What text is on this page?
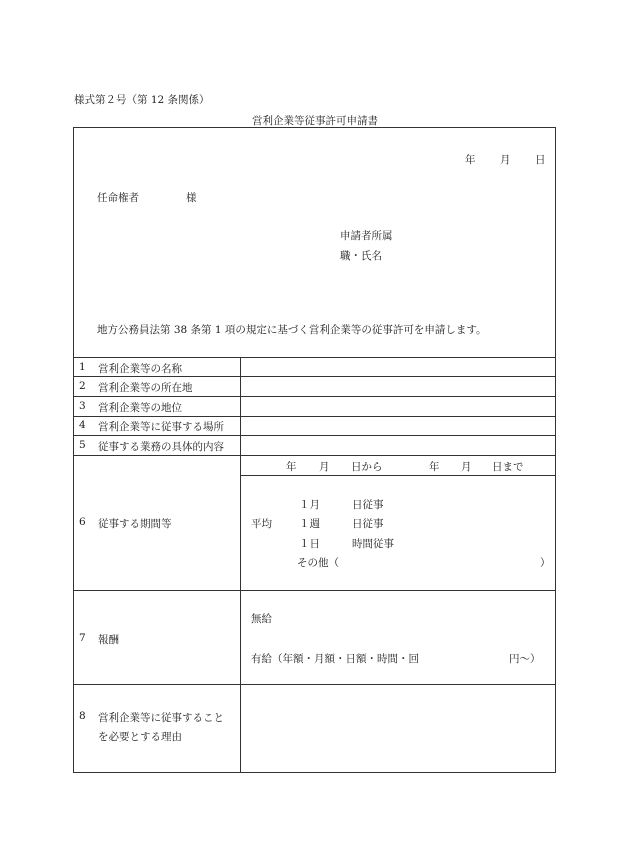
様式第２号（第 12 条関係）
営利企業等従事許可申請書
年 月 日
任命権者	様
申請者所属
職・氏名
地方公務員法第 38 条第 1 項の規定に基づく営利企業等の従事許可を申請します。
1 営利企業等の名称
2 営利企業等の所在地
3 営利企業等の地位
4 営利企業等に従事する場所
5 従事する業務の具体的内容
6 従事する期間等
年 月 日から	年 月 日まで
平均
１月	日従事
１週	日従事
１日	時間従事
その他（	）
7 報酬
無給
有給（年額・月額・日額・時間・回	円～）
8 営利企業等に従事すること
を必要とする理由
